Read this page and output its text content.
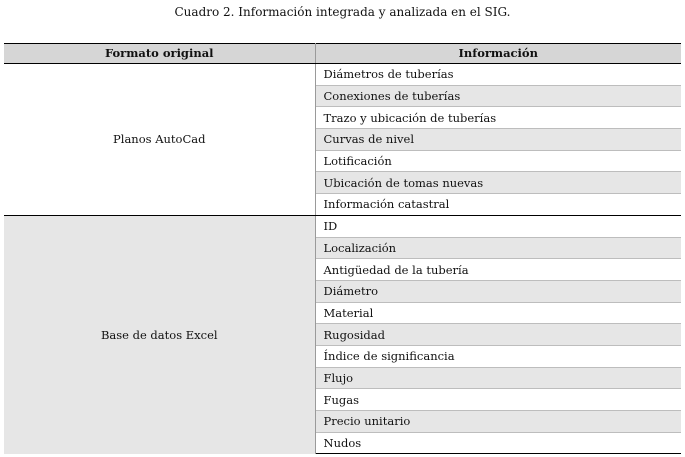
Cuadro 2. Información integrada y analizada en el SIG.
Formato original	Información
Planos AutoCad	Diámetros de tuberías
	Conexiones de tuberías
	Trazo y ubicación de tuberías
	Curvas de nivel
	Lotificación
	Ubicación de tomas nuevas
	Información catastral
Base de datos Excel	ID
	Localización
	Antigüedad de la tubería
	Diámetro
	Material
	Rugosidad
	Índice de significancia
	Flujo
	Fugas
	Precio unitario
	Nudos
